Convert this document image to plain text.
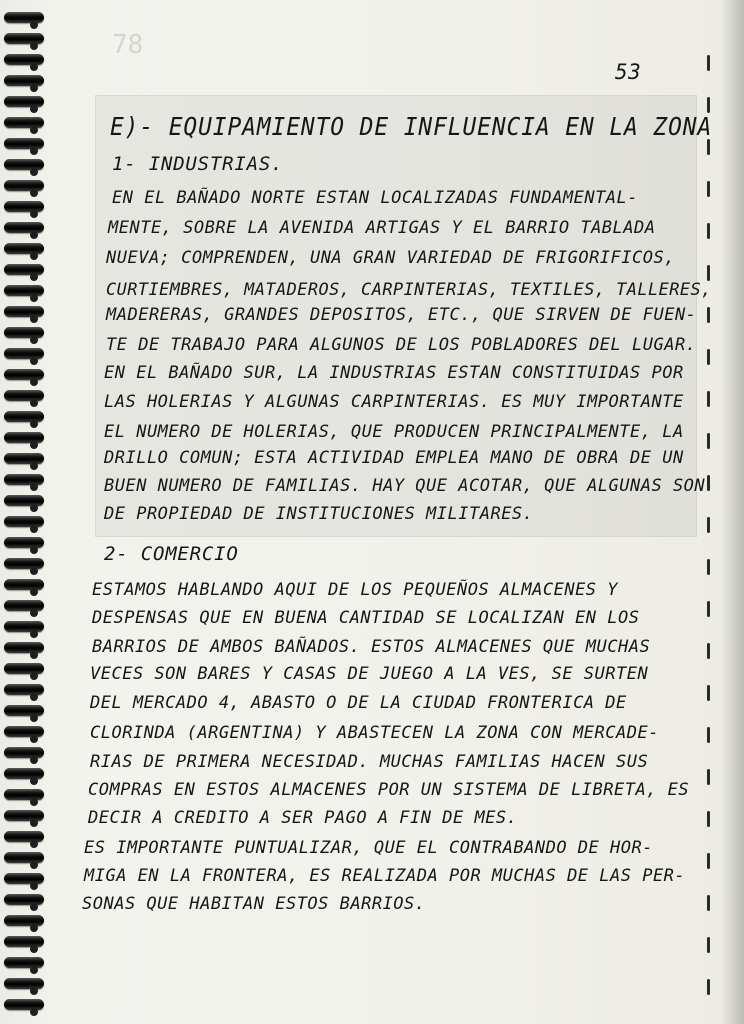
78
53
E)- EQUIPAMIENTO DE INFLUENCIA EN LA ZONA
1- INDUSTRIAS.
EN EL BAÑADO NORTE ESTAN LOCALIZADAS FUNDAMENTAL-
MENTE, SOBRE LA AVENIDA ARTIGAS Y EL BARRIO TABLADA
NUEVA; COMPRENDEN, UNA GRAN VARIEDAD DE FRIGORIFICOS,
CURTIEMBRES, MATADEROS, CARPINTERIAS, TEXTILES, TALLERES,
MADERERAS, GRANDES DEPOSITOS, ETC., QUE SIRVEN DE FUEN-
TE DE TRABAJO PARA ALGUNOS DE LOS POBLADORES DEL LUGAR.
EN EL BAÑADO SUR, LA INDUSTRIAS ESTAN CONSTITUIDAS POR
LAS HOLERIAS Y ALGUNAS CARPINTERIAS. ES MUY IMPORTANTE
EL NUMERO DE HOLERIAS, QUE PRODUCEN PRINCIPALMENTE, LA
DRILLO COMUN; ESTA ACTIVIDAD EMPLEA MANO DE OBRA DE UN
BUEN NUMERO DE FAMILIAS. HAY QUE ACOTAR, QUE ALGUNAS SON
DE PROPIEDAD DE INSTITUCIONES MILITARES.
2- COMERCIO
ESTAMOS HABLANDO AQUI DE LOS PEQUEÑOS ALMACENES Y
DESPENSAS QUE EN BUENA CANTIDAD SE LOCALIZAN EN LOS
BARRIOS DE AMBOS BAÑADOS. ESTOS ALMACENES QUE MUCHAS
VECES SON BARES Y CASAS DE JUEGO A LA VES, SE SURTEN
DEL MERCADO 4, ABASTO O DE LA CIUDAD FRONTERICA DE
CLORINDA (ARGENTINA) Y ABASTECEN LA ZONA CON MERCADE-
RIAS DE PRIMERA NECESIDAD. MUCHAS FAMILIAS HACEN SUS
COMPRAS EN ESTOS ALMACENES POR UN SISTEMA DE LIBRETA, ES
DECIR A CREDITO A SER PAGO A FIN DE MES.
ES IMPORTANTE PUNTUALIZAR, QUE EL CONTRABANDO DE HOR-
MIGA EN LA FRONTERA, ES REALIZADA POR MUCHAS DE LAS PER-
SONAS QUE HABITAN ESTOS BARRIOS.
